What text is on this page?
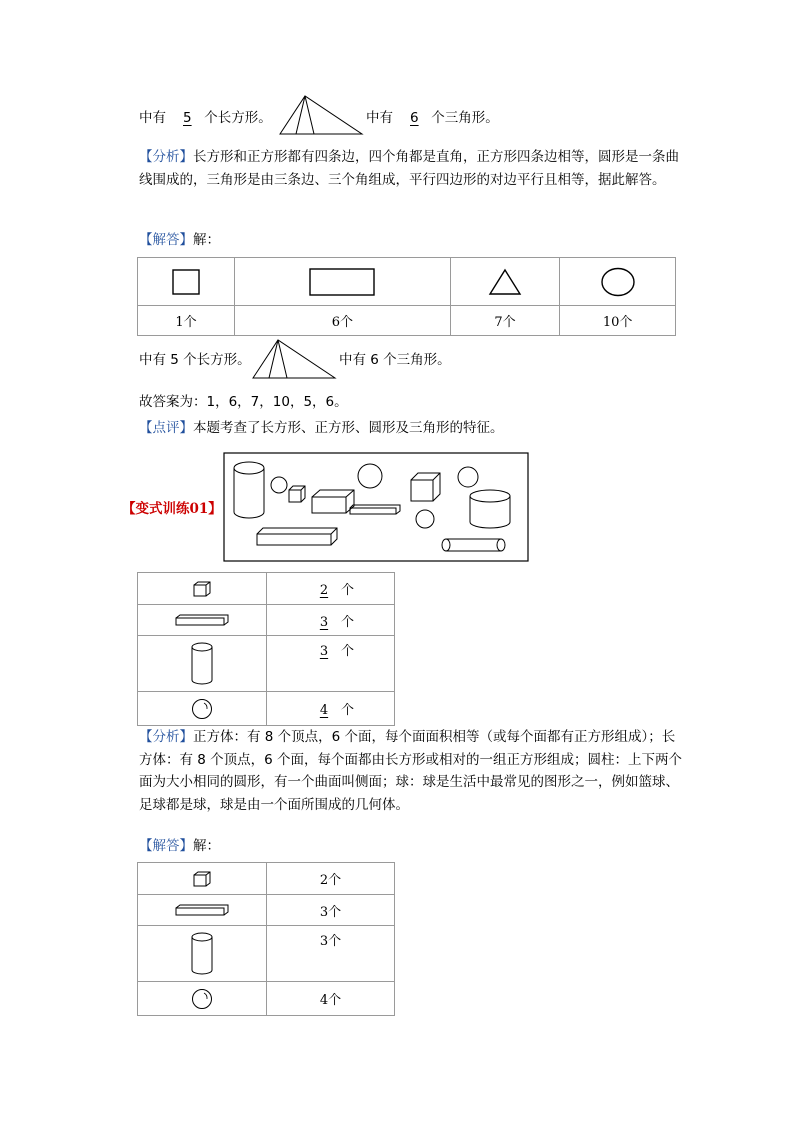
中有 5 个长方形。	中有 6 个三角形。
【分析】长方形和正方形都有四条边，四个角都是直角，正方形四条边相等，圆形是一条曲线围成的，三角形是由三条边、三个角组成，平行四边形的对边平行且相等，据此解答。
【解答】解：

1个	6个	7个	10个
中有 5 个长方形。	中有 6 个三角形。
故答案为：1，6，7，10，5，6。
【点评】本题考查了长方形、正方形、圆形及三角形的特征。
【变式训练01】
	2 个

	3 个

	3 个

	4 个
【分析】正方体：有 8 个顶点，6 个面，每个面面积相等（或每个面都有正方形组成）；长方体：有 8 个顶点，6 个面，每个面都由长方形或相对的一组正方形组成；圆柱：上下两个面为大小相同的圆形，有一个曲面叫侧面；球：球是生活中最常见的图形之一，例如篮球、足球都是球，球是由一个面所围成的几何体。
【解答】解：
	2个

	3个

	3个

	4个
